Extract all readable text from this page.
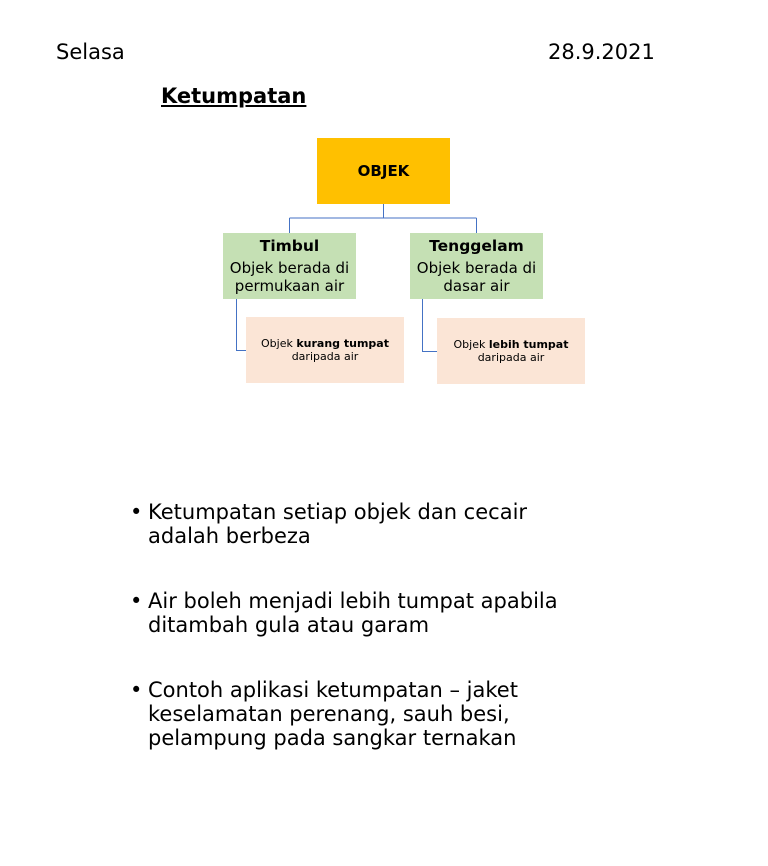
Selasa	28.9.2021
Ketumpatan
OBJEK
Timbul
Objek berada di
permukaan air
Tenggelam
Objek berada di
dasar air
Objek kurang tumpat
daripada air
Objek lebih tumpat
daripada air
• Ketumpatan setiap objek dan cecair
adalah berbeza
• Air boleh menjadi lebih tumpat apabila
ditambah gula atau garam
• Contoh aplikasi ketumpatan – jaket
keselamatan perenang, sauh besi,
pelampung pada sangkar ternakan
